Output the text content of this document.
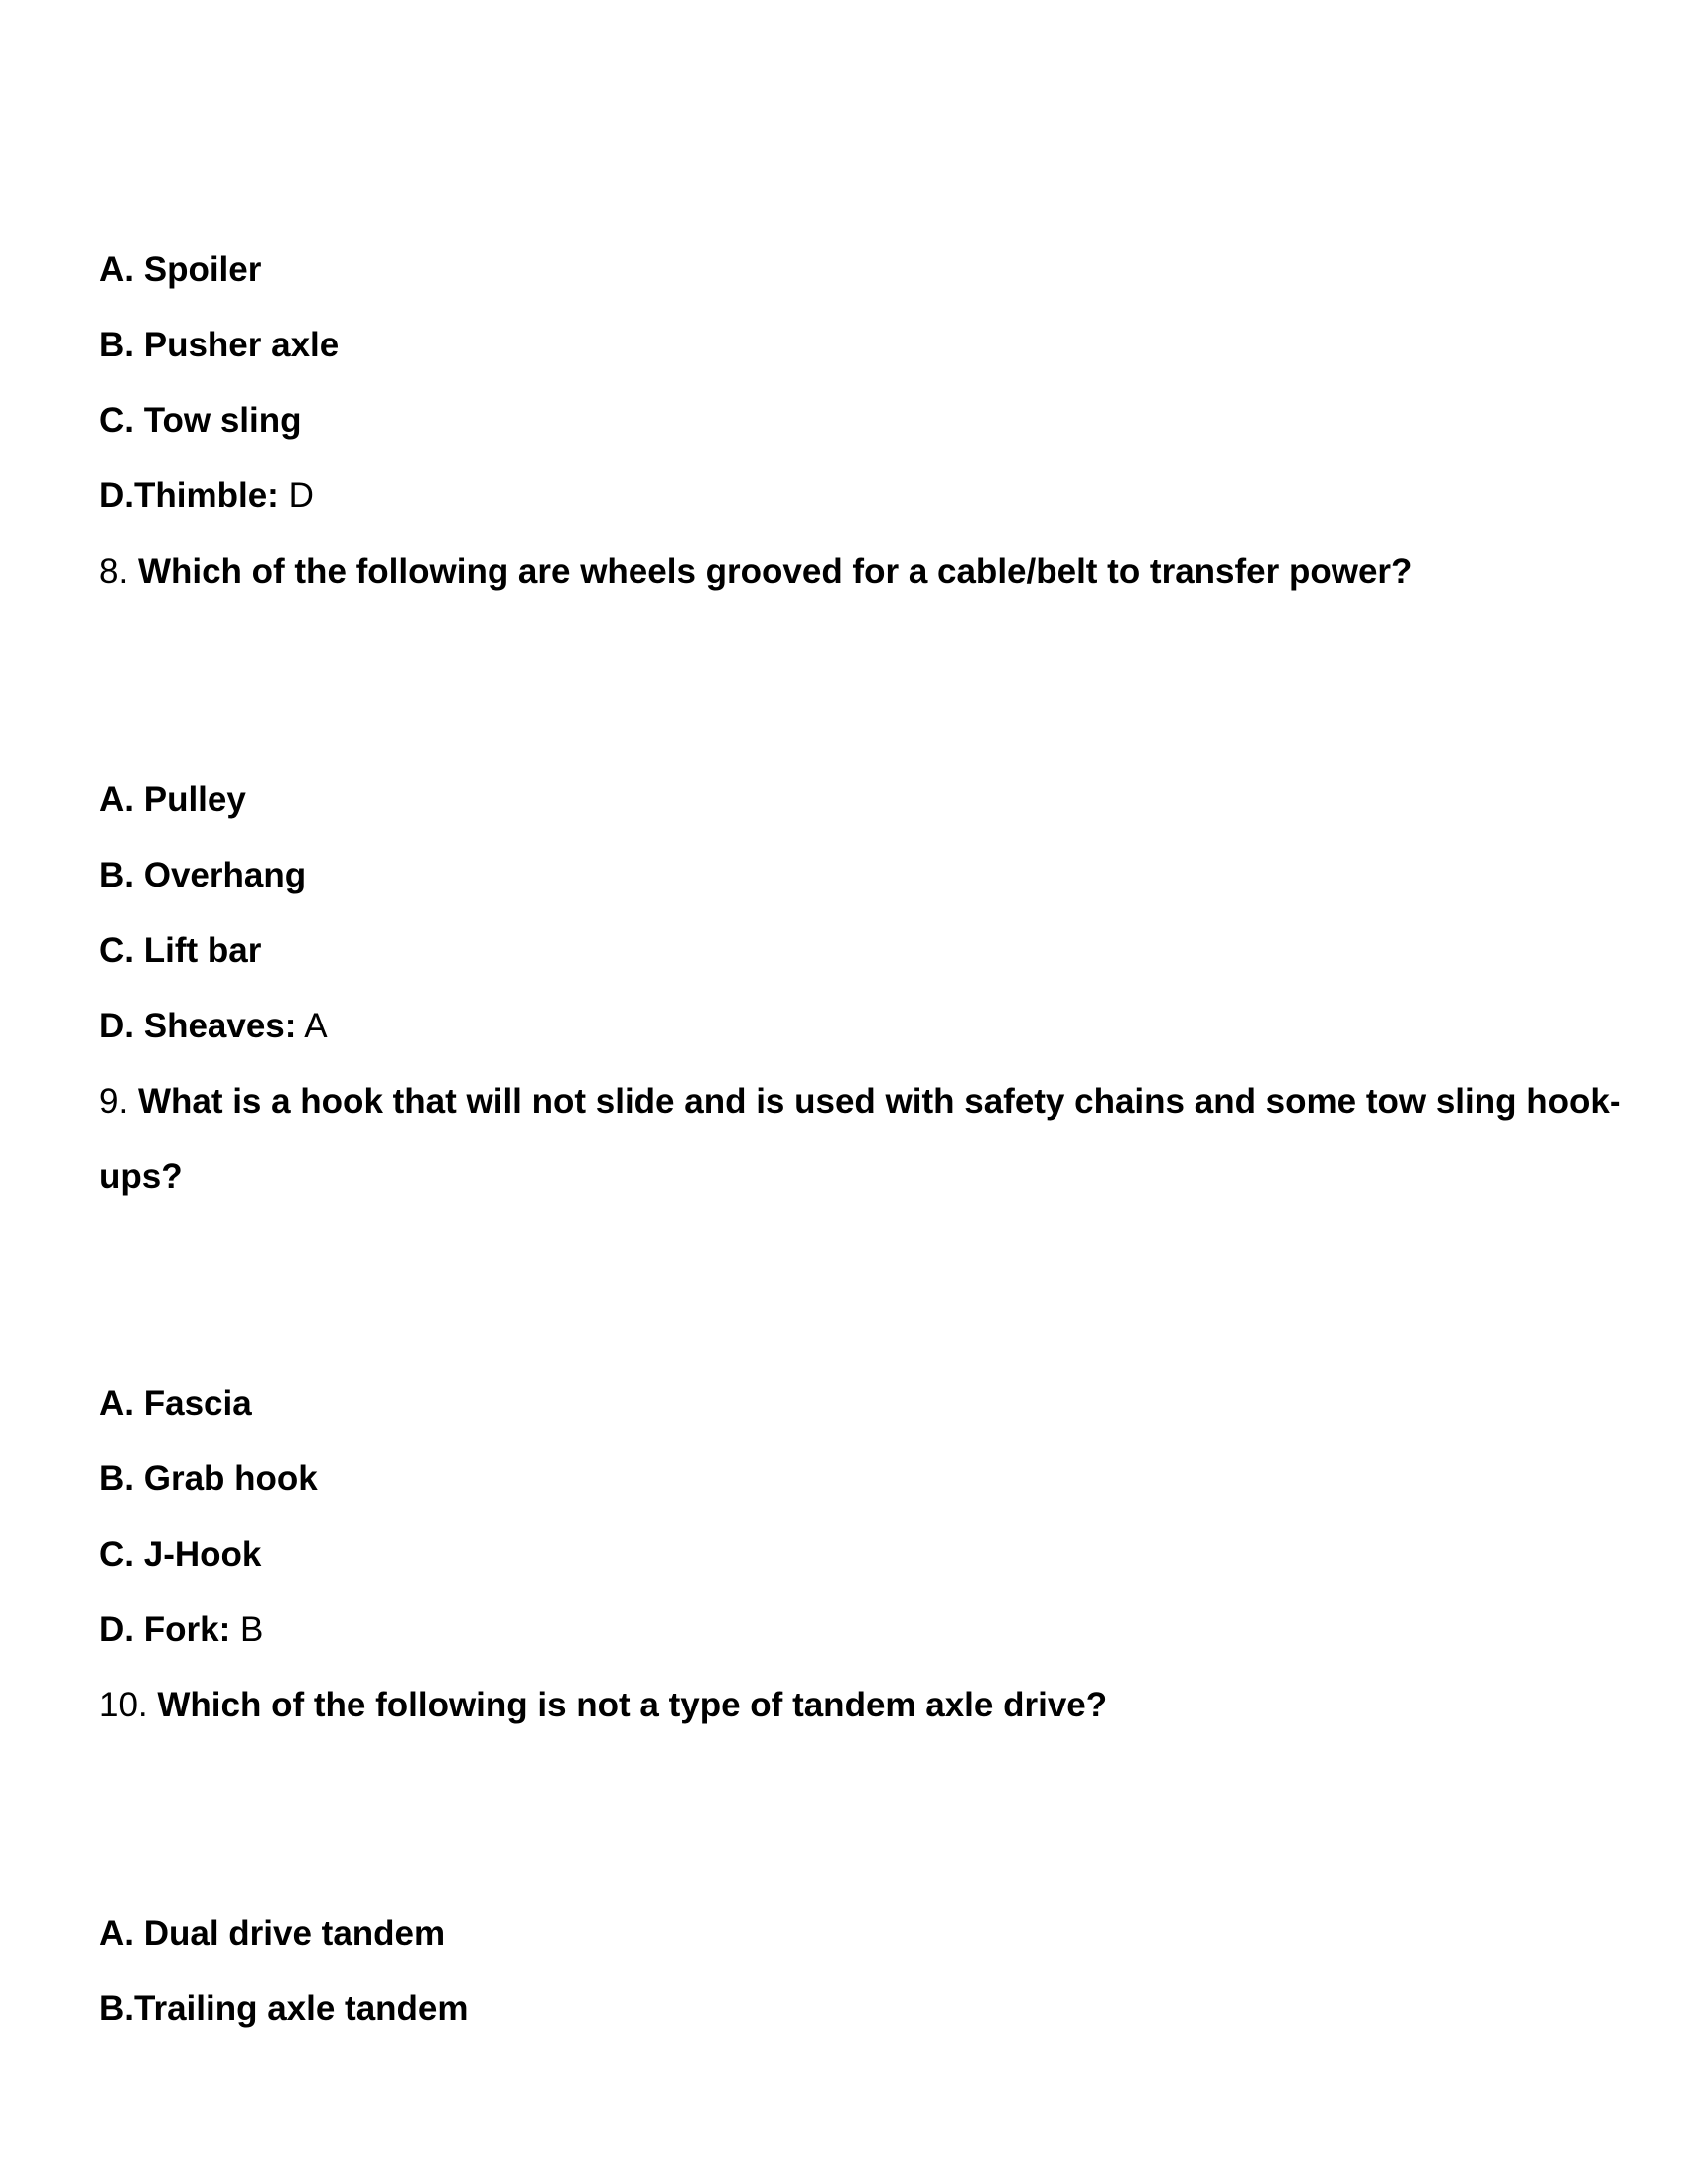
A. Spoiler
B. Pusher axle
C. Tow sling
D.Thimble: D
8. Which of the following are wheels grooved for a cable/belt to transfer power?
A. Pulley
B. Overhang
C. Lift bar
D. Sheaves: A
9. What is a hook that will not slide and is used with safety chains and some tow sling hook-
ups?
A. Fascia
B. Grab hook
C. J-Hook
D. Fork: B
10. Which of the following is not a type of tandem axle drive?
A. Dual drive tandem
B.Trailing axle tandem
